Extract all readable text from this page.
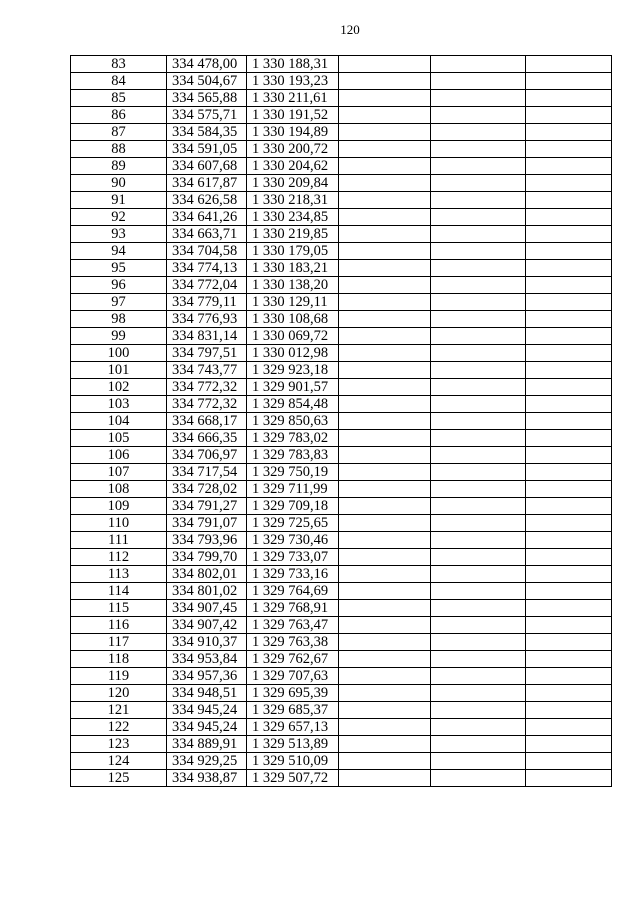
120
83	334 478,00	1 330 188,31			
84	334 504,67	1 330 193,23			
85	334 565,88	1 330 211,61			
86	334 575,71	1 330 191,52			
87	334 584,35	1 330 194,89			
88	334 591,05	1 330 200,72			
89	334 607,68	1 330 204,62			
90	334 617,87	1 330 209,84			
91	334 626,58	1 330 218,31			
92	334 641,26	1 330 234,85			
93	334 663,71	1 330 219,85			
94	334 704,58	1 330 179,05			
95	334 774,13	1 330 183,21			
96	334 772,04	1 330 138,20			
97	334 779,11	1 330 129,11			
98	334 776,93	1 330 108,68			
99	334 831,14	1 330 069,72			
100	334 797,51	1 330 012,98			
101	334 743,77	1 329 923,18			
102	334 772,32	1 329 901,57			
103	334 772,32	1 329 854,48			
104	334 668,17	1 329 850,63			
105	334 666,35	1 329 783,02			
106	334 706,97	1 329 783,83			
107	334 717,54	1 329 750,19			
108	334 728,02	1 329 711,99			
109	334 791,27	1 329 709,18			
110	334 791,07	1 329 725,65			
111	334 793,96	1 329 730,46			
112	334 799,70	1 329 733,07			
113	334 802,01	1 329 733,16			
114	334 801,02	1 329 764,69			
115	334 907,45	1 329 768,91			
116	334 907,42	1 329 763,47			
117	334 910,37	1 329 763,38			
118	334 953,84	1 329 762,67			
119	334 957,36	1 329 707,63			
120	334 948,51	1 329 695,39			
121	334 945,24	1 329 685,37			
122	334 945,24	1 329 657,13			
123	334 889,91	1 329 513,89			
124	334 929,25	1 329 510,09			
125	334 938,87	1 329 507,72			
